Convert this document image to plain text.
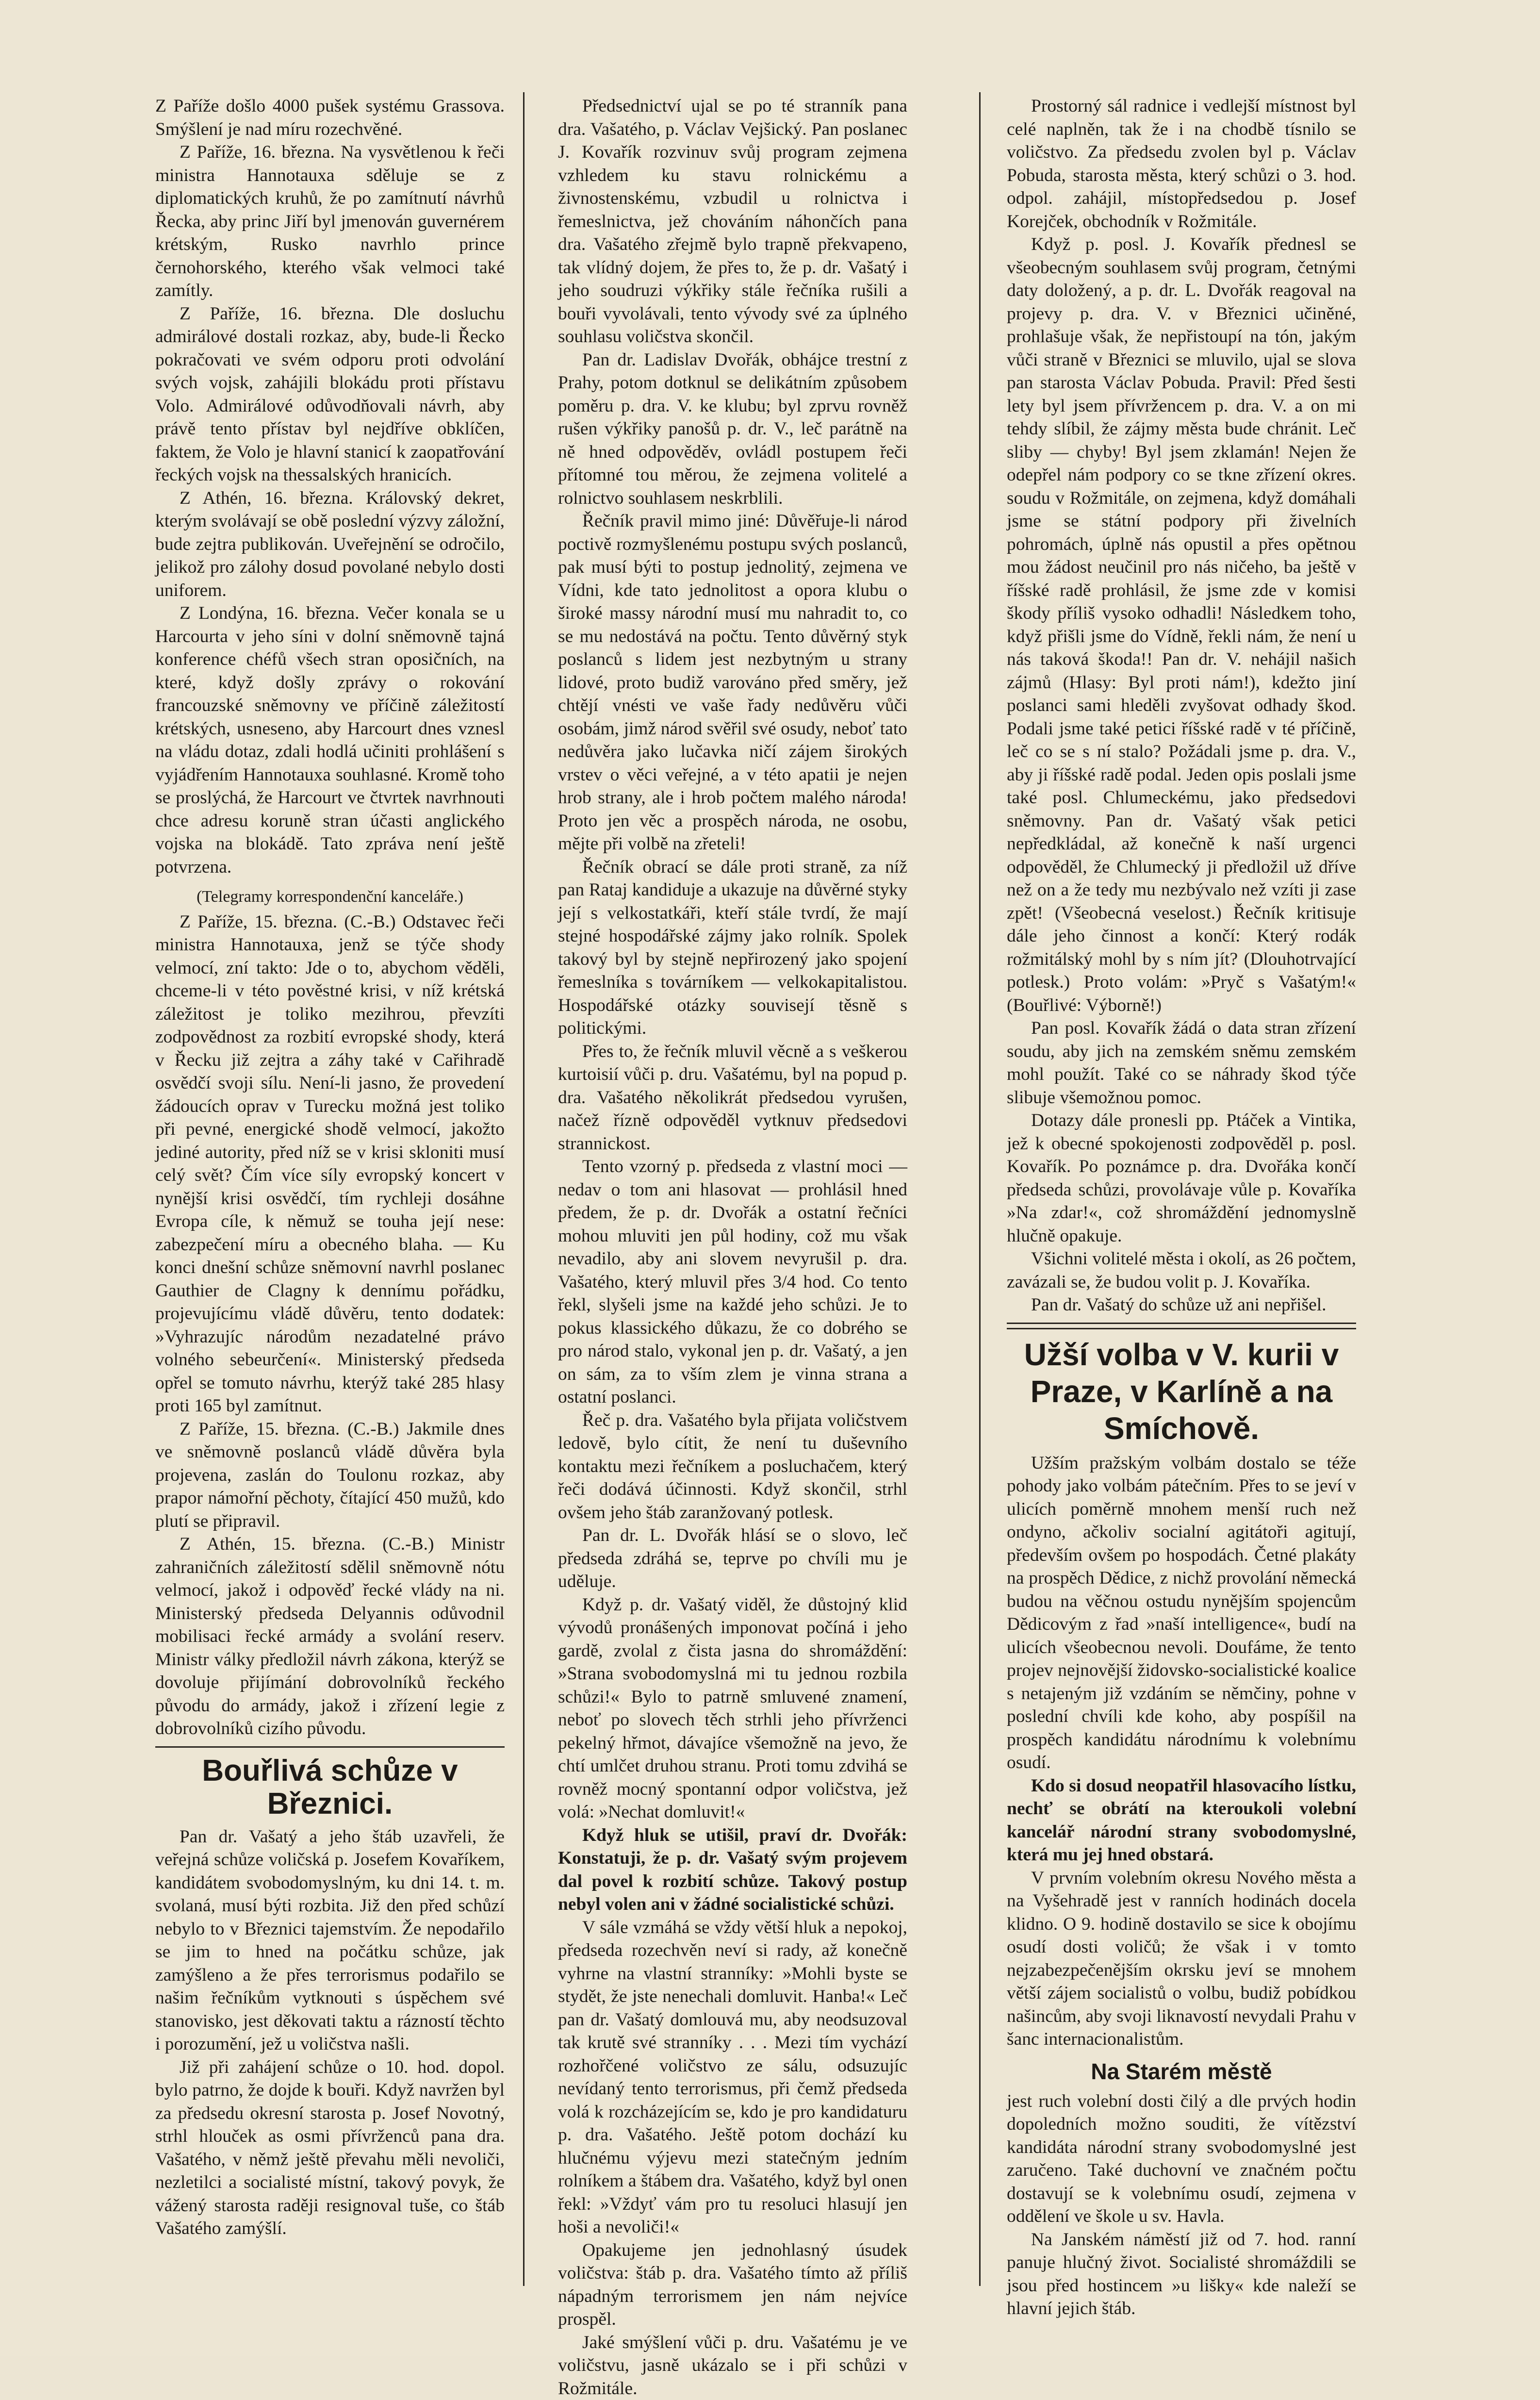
Z Paříže došlo 4000 pušek systému Grassova. Smýšlení je nad míru rozechvěné.

Z Paříže, 16. března. Na vysvětlenou k řeči ministra Hannotauxa sděluje se z diplomatických kruhů, že po zamítnutí návrhů Řecka, aby princ Jiří byl jmenován guvernérem krétským, Rusko navrhlo prince černohorského, kterého však velmoci také zamítly.

Z Paříže, 16. března. Dle dosluchu admirálové dostali rozkaz, aby, bude-li Řecko pokračovati ve svém odporu proti odvolání svých vojsk, zahájili blokádu proti přístavu Volo. Admirálové odůvodňovali návrh, aby právě tento přístav byl nejdříve obklíčen, faktem, že Volo je hlavní stanicí k zaopatřování řeckých vojsk na thessalských hranicích.

Z Athén, 16. března. Královský dekret, kterým svolávají se obě poslední výzvy záložní, bude zejtra publikován. Uveřejnění se odročilo, jelikož pro zálohy dosud povolané nebylo dosti uniforem.

Z Londýna, 16. března. Večer konala se u Harcourta v jeho síni v dolní sněmovně tajná konference chéfů všech stran oposičních, na které, když došly zprávy o rokování francouzské sněmovny ve příčině záležitostí krétských, usneseno, aby Harcourt dnes vznesl na vládu dotaz, zdali hodlá učiniti prohlášení s vyjádřením Hannotauxa souhlasné. Kromě toho se proslýchá, že Harcourt ve čtvrtek navrhnouti chce adresu koruně stran účasti anglického vojska na blokádě. Tato zpráva není ještě potvrzena.

(Telegramy korrespondenční kanceláře.)

Z Paříže, 15. března. (C.-B.) Odstavec řeči ministra Hannotauxa, jenž se týče shody velmocí, zní takto: Jde o to, abychom věděli, chceme-li v této pověstné krisi, v níž krétská záležitost je toliko mezihrou, převzíti zodpovědnost za rozbití evropské shody, která v Řecku již zejtra a záhy také v Cařihradě osvědčí svoji sílu. Není-li jasno, že provedení žádoucích oprav v Turecku možná jest toliko při pevné, energické shodě velmocí, jakožto jediné autority, před níž se v krisi skloniti musí celý svět? Čím více síly evropský koncert v nynější krisi osvědčí, tím rychleji dosáhne Evropa cíle, k němuž se touha její nese: zabezpečení míru a obecného blaha. — Ku konci dnešní schůze sněmovní navrhl poslanec Gauthier de Clagny k dennímu pořádku, projevujícímu vládě důvěru, tento dodatek: »Vyhrazujíc národům nezadatelné právo volného sebeurčení«. Ministerský předseda opřel se tomuto návrhu, kterýž také 285 hlasy proti 165 byl zamítnut.

Z Paříže, 15. března. (C.-B.) Jakmile dnes ve sněmovně poslanců vládě důvěra byla projevena, zaslán do Toulonu rozkaz, aby prapor námořní pěchoty, čítající 450 mužů, kdo plutí se připravil.

Z Athén, 15. března. (C.-B.) Ministr zahraničních záležitostí sdělil sněmovně nótu velmocí, jakož i odpověď řecké vlády na ni. Ministerský předseda Delyannis odůvodnil mobilisaci řecké armády a svolání reserv. Ministr války předložil návrh zákona, kterýž se dovoluje přijímání dobrovolníků řeckého původu do armády, jakož i zřízení legie z dobrovolníků cizího původu.

Bouřlivá schůze v Březnici.

Pan dr. Vašatý a jeho štáb uzavřeli, že veřejná schůze voličská p. Josefem Kovaříkem, kandidátem svobodomyslným, ku dni 14. t. m. svolaná, musí býti rozbita. Již den před schůzí nebylo to v Březnici tajemstvím. Že nepodařilo se jim to hned na počátku schůze, jak zamýšleno a že přes terrorismus podařilo se našim řečníkům vytknouti s úspěchem své stanovisko, jest děkovati taktu a rázností těchto i porozumění, jež u voličstva našli.

Již při zahájení schůze o 10. hod. dopol. bylo patrno, že dojde k bouři. Když navržen byl za předsedu okresní starosta p. Josef Novotný, strhl hlouček as osmi přívrženců pana dra. Vašatého, v němž ještě převahu měli nevoliči, nezletilci a socialisté místní, takový povyk, že vážený starosta raději resignoval tuše, co štáb Vašatého zamýšlí.

Předsednictví ujal se po té stranník pana dra. Vašatého, p. Václav Vejšický. Pan poslanec J. Kovařík rozvinuv svůj program zejmena vzhledem ku stavu rolnickému a živnostenskému, vzbudil u rolnictva i řemeslnictva, jež chováním náhončích pana dra. Vašatého zřejmě bylo trapně překvapeno, tak vlídný dojem, že přes to, že p. dr. Vašatý i jeho soudruzi výkřiky stále řečníka rušili a bouři vyvolávali, tento vývody své za úplného souhlasu voličstva skončil.

Pan dr. Ladislav Dvořák, obhájce trestní z Prahy, potom dotknul se delikátním způsobem poměru p. dra. V. ke klubu; byl zprvu rovněž rušen výkřiky panošů p. dr. V., leč parátně na ně hned odpověděv, ovládl postupem řeči přítomné tou měrou, že zejmena volitelé a rolnictvo souhlasem neskrblili.

Řečník pravil mimo jiné: Důvěřuje-li národ poctivě rozmyšlenému postupu svých poslanců, pak musí býti to postup jednolitý, zejmena ve Vídni, kde tato jednolitost a opora klubu o široké massy národní musí mu nahradit to, co se mu nedostává na počtu. Tento důvěrný styk poslanců s lidem jest nezbytným u strany lidové, proto budiž varováno před směry, jež chtějí vnésti ve vaše řady nedůvěru vůči osobám, jimž národ svěřil své osudy, neboť tato nedůvěra jako lučavka ničí zájem širokých vrstev o věci veřejné, a v této apatii je nejen hrob strany, ale i hrob počtem malého národa! Proto jen věc a prospěch národa, ne osobu, mějte při volbě na zřeteli!

Řečník obrací se dále proti straně, za níž pan Rataj kandiduje a ukazuje na důvěrné styky její s velkostatkáři, kteří stále tvrdí, že mají stejné hospodářské zájmy jako rolník. Spolek takový byl by stejně nepřirozený jako spojení řemeslníka s továrníkem — velkokapitalistou. Hospodářské otázky souvisejí těsně s politickými.

Přes to, že řečník mluvil věcně a s veškerou kurtoisií vůči p. dru. Vašatému, byl na popud p. dra. Vašatého několikrát předsedou vyrušen, načež řízně odpověděl vytknuv předsedovi strannickost.

Tento vzorný p. předseda z vlastní moci — nedav o tom ani hlasovat — prohlásil hned předem, že p. dr. Dvořák a ostatní řečníci mohou mluviti jen půl hodiny, což mu však nevadilo, aby ani slovem nevyrušil p. dra. Vašatého, který mluvil přes 3/4 hod. Co tento řekl, slyšeli jsme na každé jeho schůzi. Je to pokus klassického důkazu, že co dobrého se pro národ stalo, vykonal jen p. dr. Vašatý, a jen on sám, za to vším zlem je vinna strana a ostatní poslanci.

Řeč p. dra. Vašatého byla přijata voličstvem ledově, bylo cítit, že není tu duševního kontaktu mezi řečníkem a posluchačem, který řeči dodává účinnosti. Když skončil, strhl ovšem jeho štáb zaranžovaný potlesk.

Pan dr. L. Dvořák hlásí se o slovo, leč předseda zdráhá se, teprve po chvíli mu je uděluje.

Když p. dr. Vašatý viděl, že důstojný klid vývodů pronášených imponovat počíná i jeho gardě, zvolal z čista jasna do shromáždění: »Strana svobodomyslná mi tu jednou rozbila schůzi!« Bylo to patrně smluvené znamení, neboť po slovech těch strhli jeho přívrženci pekelný hřmot, dávajíce všemožně na jevo, že chtí umlčet druhou stranu. Proti tomu zdvihá se rovněž mocný spontanní odpor voličstva, jež volá: »Nechat domluvit!«

Když hluk se utišil, praví dr. Dvořák: Konstatuji, že p. dr. Vašatý svým projevem dal povel k rozbití schůze. Takový postup nebyl volen ani v žádné socialistické schůzi.

V sále vzmáhá se vždy větší hluk a nepokoj, předseda rozechvěn neví si rady, až konečně vyhrne na vlastní stranníky: »Mohli byste se stydět, že jste nenechali domluvit. Hanba!« Leč pan dr. Vašatý domlouvá mu, aby neodsuzoval tak krutě své stranníky . . . Mezi tím vychází rozhořčené voličstvo ze sálu, odsuzujíc nevídaný tento terrorismus, při čemž předseda volá k rozcházejícím se, kdo je pro kandidaturu p. dra. Vašatého. Ještě potom dochází ku hlučnému výjevu mezi statečným jedním rolníkem a štábem dra. Vašatého, když byl onen řekl: »Vždyť vám pro tu resoluci hlasují jen hoši a nevoliči!«

Opakujeme jen jednohlasný úsudek voličstva: štáb p. dra. Vašatého tímto až příliš nápadným terrorismem jen nám nejvíce prospěl.

Jaké smýšlení vůči p. dru. Vašatému je ve voličstvu, jasně ukázalo se i při schůzi v Rožmitále.

Prostorný sál radnice i vedlejší místnost byl celé naplněn, tak že i na chodbě tísnilo se voličstvo. Za předsedu zvolen byl p. Václav Pobuda, starosta města, který schůzi o 3. hod. odpol. zahájil, místopředsedou p. Josef Korejček, obchodník v Rožmitále.

Když p. posl. J. Kovařík přednesl se všeobecným souhlasem svůj program, četnými daty doložený, a p. dr. L. Dvořák reagoval na projevy p. dra. V. v Březnici učiněné, prohlašuje však, že nepřistoupí na tón, jakým vůči straně v Březnici se mluvilo, ujal se slova pan starosta Václav Pobuda. Pravil: Před šesti lety byl jsem přívržencem p. dra. V. a on mi tehdy slíbil, že zájmy města bude chránit. Leč sliby — chyby! Byl jsem zklamán! Nejen že odepřel nám podpory co se tkne zřízení okres. soudu v Rožmitále, on zejmena, když domáhali jsme se státní podpory při živelních pohromách, úplně nás opustil a přes opětnou mou žádost neučinil pro nás ničeho, ba ještě v říšské radě prohlásil, že jsme zde v komisi škody příliš vysoko odhadli! Následkem toho, když přišli jsme do Vídně, řekli nám, že není u nás taková škoda!! Pan dr. V. nehájil našich zájmů (Hlasy: Byl proti nám!), kdežto jiní poslanci sami hleděli zvyšovat odhady škod. Podali jsme také petici říšské radě v té příčině, leč co se s ní stalo? Požádali jsme p. dra. V., aby ji říšské radě podal. Jeden opis poslali jsme také posl. Chlumeckému, jako předsedovi sněmovny. Pan dr. Vašatý však petici nepředkládal, až konečně k naší urgenci odpověděl, že Chlumecký ji předložil už dříve než on a že tedy mu nezbývalo než vzíti ji zase zpět! (Všeobecná veselost.) Řečník kritisuje dále jeho činnost a končí: Který rodák rožmitálský mohl by s ním jít? (Dlouhotrvající potlesk.) Proto volám: »Pryč s Vašatým!« (Bouřlivé: Výborně!)

Pan posl. Kovařík žádá o data stran zřízení soudu, aby jich na zemském sněmu zemském mohl použít. Také co se náhrady škod týče slibuje všemožnou pomoc.

Dotazy dále pronesli pp. Ptáček a Vintika, jež k obecné spokojenosti zodpověděl p. posl. Kovařík. Po poznámce p. dra. Dvořáka končí předseda schůzi, provolávaje vůle p. Kovaříka »Na zdar!«, což shromáždění jednomyslně hlučně opakuje.

Všichni volitelé města i okolí, as 26 počtem, zavázali se, že budou volit p. J. Kovaříka.

Pan dr. Vašatý do schůze už ani nepřišel.

Užší volba v V. kurii v Praze, v Karlíně a na Smíchově.

Užším pražským volbám dostalo se téže pohody jako volbám pátečním. Přes to se jeví v ulicích poměrně mnohem menší ruch než ondyno, ačkoliv socialní agitátoři agitují, především ovšem po hospodách. Četné plakáty na prospěch Dědice, z nichž provolání německá budou na věčnou ostudu nynějším spojencům Dědicovým z řad »naší intelligence«, budí na ulicích všeobecnou nevoli. Doufáme, že tento projev nejnovější židovsko-socialistické koalice s netajeným již vzdáním se němčiny, pohne v poslední chvíli kde koho, aby pospíšil na prospěch kandidátu národnímu k volebnímu osudí.

Kdo si dosud neopatřil hlasovacího lístku, nechť se obrátí na kteroukoli volební kancelář národní strany svobodomyslné, která mu jej hned obstará.

V prvním volebním okresu Nového města a na Vyšehradě jest v ranních hodinách docela klidno. O 9. hodině dostavilo se sice k obojímu osudí dosti voličů; že však i v tomto nejzabezpečenějším okrsku jeví se mnohem větší zájem socialistů o volbu, budiž pobídkou našincům, aby svoji liknavostí nevydali Prahu v šanc internacionalistům.

Na Starém městě

jest ruch volební dosti čilý a dle prvých hodin dopoledních možno souditi, že vítězství kandidáta národní strany svobodomyslné jest zaručeno. Také duchovní ve značném počtu dostavují se k volebnímu osudí, zejmena v oddělení ve škole u sv. Havla.

Na Janském náměstí již od 7. hod. ranní panuje hlučný život. Socialisté shromáždili se jsou před hostincem »u lišky« kde naleží se hlavní jejich štáb.
